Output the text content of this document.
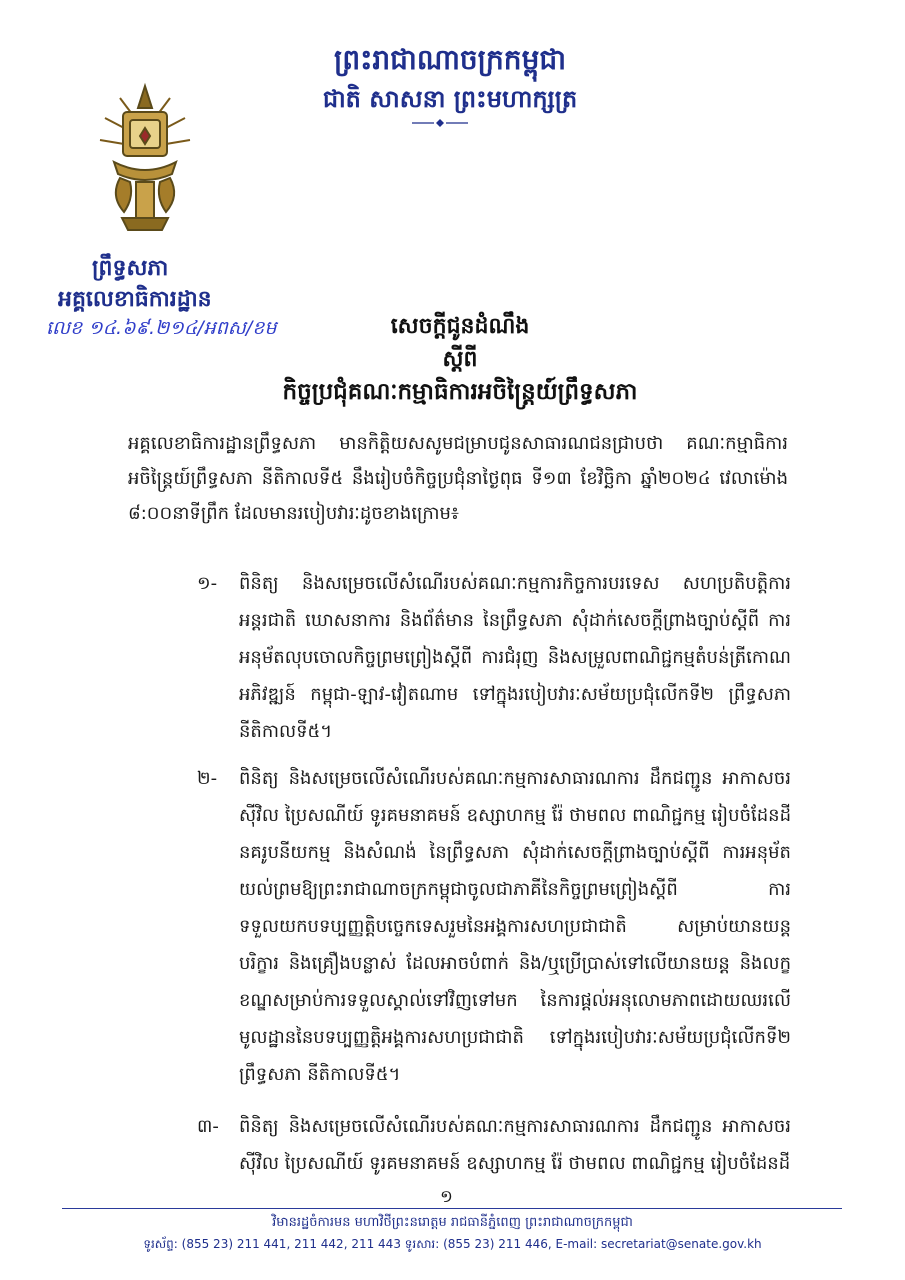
ព្រះរាជាណាចក្រកម្ពុជា
ជាតិ សាសនា ព្រះមហាក្សត្រ
ព្រឹទ្ធសភា
អគ្គលេខាធិការដ្ឋាន
លេខ ១៤.៦៩.២១៤/អពស/ខម	សេចក្តីជូនដំណឹង
ស្តីពី
កិច្ចប្រជុំគណៈកម្មាធិការអចិន្ត្រៃយ៍ព្រឹទ្ធសភា
អគ្គលេខាធិការដ្ឋានព្រឹទ្ធសភា មានកិត្តិយសសូមជម្រាបជូនសាធារណជនជ្រាបថា គណៈកម្មាធិការអចិន្ត្រៃយ៍ព្រឹទ្ធសភា នីតិកាលទី៥ នឹងរៀបចំកិច្ចប្រជុំនាថ្ងៃពុធ ទី១៣ ខែវិច្ឆិកា ឆ្នាំ២០២៤ វេលាម៉ោង ៨:០០នាទីព្រឹក ដែលមានរបៀបវារៈដូចខាងក្រោម៖
១-	ពិនិត្យ និងសម្រេចលើសំណើរបស់គណៈកម្មការកិច្ចការបរទេស សហប្រតិបត្តិការអន្តរជាតិ ឃោសនាការ និងព័ត៌មាន នៃព្រឹទ្ធសភា សុំដាក់សេចក្តីព្រាងច្បាប់ស្តីពី ការអនុម័តលុបចោលកិច្ចព្រមព្រៀងស្តីពី ការជំរុញ និងសម្រួលពាណិជ្ជកម្មតំបន់ត្រីកោណអភិវឌ្ឍន៍ កម្ពុជា-ឡាវ-វៀតណាម ទៅក្នុងរបៀបវារៈសម័យប្រជុំលើកទី២ ព្រឹទ្ធសភា នីតិកាលទី៥។
២-	ពិនិត្យ និងសម្រេចលើសំណើរបស់គណៈកម្មការសាធារណការ ដឹកជញ្ជូន អាកាសចរស៊ីវិល ប្រៃសណីយ៍ ទូរគមនាគមន៍ ឧស្សាហកម្ម រ៉ែ ថាមពល ពាណិជ្ជកម្ម រៀបចំដែនដី នគរូបនីយកម្ម និងសំណង់ នៃព្រឹទ្ធសភា សុំដាក់សេចក្តីព្រាងច្បាប់ស្តីពី ការអនុម័តយល់ព្រមឱ្យព្រះរាជាណាចក្រកម្ពុជាចូលជាភាគីនៃកិច្ចព្រមព្រៀងស្តីពី ការទទួលយកបទប្បញ្ញត្តិបច្ចេកទេសរួមនៃអង្គការសហប្រជាជាតិ សម្រាប់យានយន្ត បរិក្ខារ និងគ្រឿងបន្លាស់ ដែលអាចបំពាក់ និង/ឬប្រើប្រាស់ទៅលើយានយន្ត និងលក្ខខណ្ឌសម្រាប់ការទទួលស្គាល់ទៅវិញទៅមក នៃការផ្តល់អនុលោមភាពដោយឈរលើមូលដ្ឋាននៃបទប្បញ្ញត្តិអង្គការសហប្រជាជាតិ ទៅក្នុងរបៀបវារៈសម័យប្រជុំលើកទី២ ព្រឹទ្ធសភា នីតិកាលទី៥។
៣-	ពិនិត្យ និងសម្រេចលើសំណើរបស់គណៈកម្មការសាធារណការ ដឹកជញ្ជូន អាកាសចរស៊ីវិល ប្រៃសណីយ៍ ទូរគមនាគមន៍ ឧស្សាហកម្ម រ៉ែ ថាមពល ពាណិជ្ជកម្ម រៀបចំដែនដី
១
វិមានរដ្ឋចំការមន មហាវិថីព្រះនរោត្តម រាជធានីភ្នំពេញ ព្រះរាជាណាចក្រកម្ពុជា
ទូរស័ព្ទ: (855 23) 211 441, 211 442, 211 443 ទូរសារ: (855 23) 211 446, E-mail: secretariat@senate.gov.kh
